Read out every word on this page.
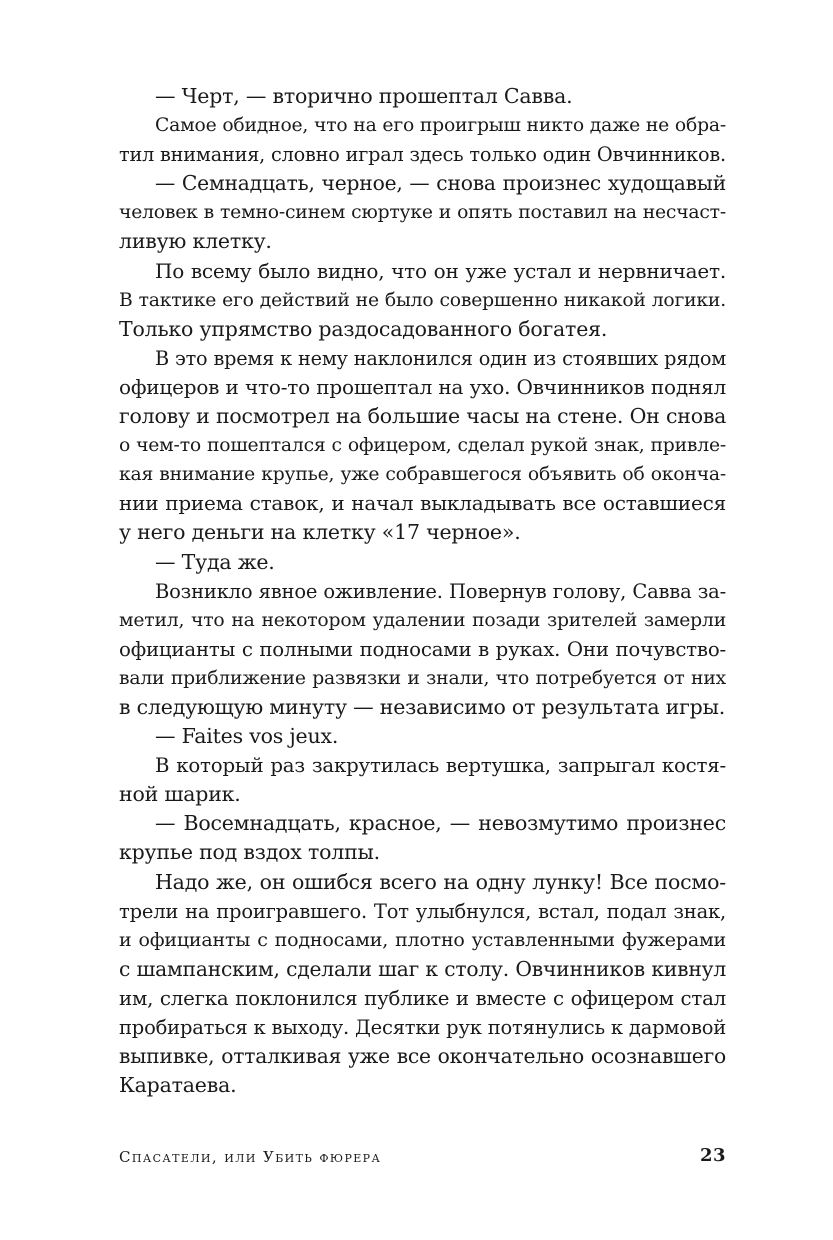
— Черт, — вторично прошептал Савва.
Самое обидное, что на его проигрыш никто даже не обра-
тил внимания, словно играл здесь только один Овчинников.
— Семнадцать, черное, — снова произнес худощавый
человек в темно-синем сюртуке и опять поставил на несчаст-
ливую клетку.
По всему было видно, что он уже устал и нервничает.
В тактике его действий не было совершенно никакой логики.
Только упрямство раздосадованного богатея.
В это время к нему наклонился один из стоявших рядом
офицеров и что-то прошептал на ухо. Овчинников поднял
голову и посмотрел на большие часы на стене. Он снова
о чем-то пошептался с офицером, сделал рукой знак, привле-
кая внимание крупье, уже собравшегося объявить об оконча-
нии приема ставок, и начал выкладывать все оставшиеся
у него деньги на клетку «17 черное».
— Туда же.
Возникло явное оживление. Повернув голову, Савва за-
метил, что на некотором удалении позади зрителей замерли
официанты с полными подносами в руках. Они почувство-
вали приближение развязки и знали, что потребуется от них
в следующую минуту — независимо от результата игры.
— Faites vos jeux.
В который раз закрутилась вертушка, запрыгал костя-
ной шарик.
— Восемнадцать, красное, — невозмутимо произнес
крупье под вздох толпы.
Надо же, он ошибся всего на одну лунку! Все посмо-
трели на проигравшего. Тот улыбнулся, встал, подал знак,
и официанты с подносами, плотно уставленными фужерами
с шампанским, сделали шаг к столу. Овчинников кивнул
им, слегка поклонился публике и вместе с офицером стал
пробираться к выходу. Десятки рук потянулись к дармовой
выпивке, отталкивая уже все окончательно осознавшего
Каратаева.
Спасатели, или Убить фюрера	23
